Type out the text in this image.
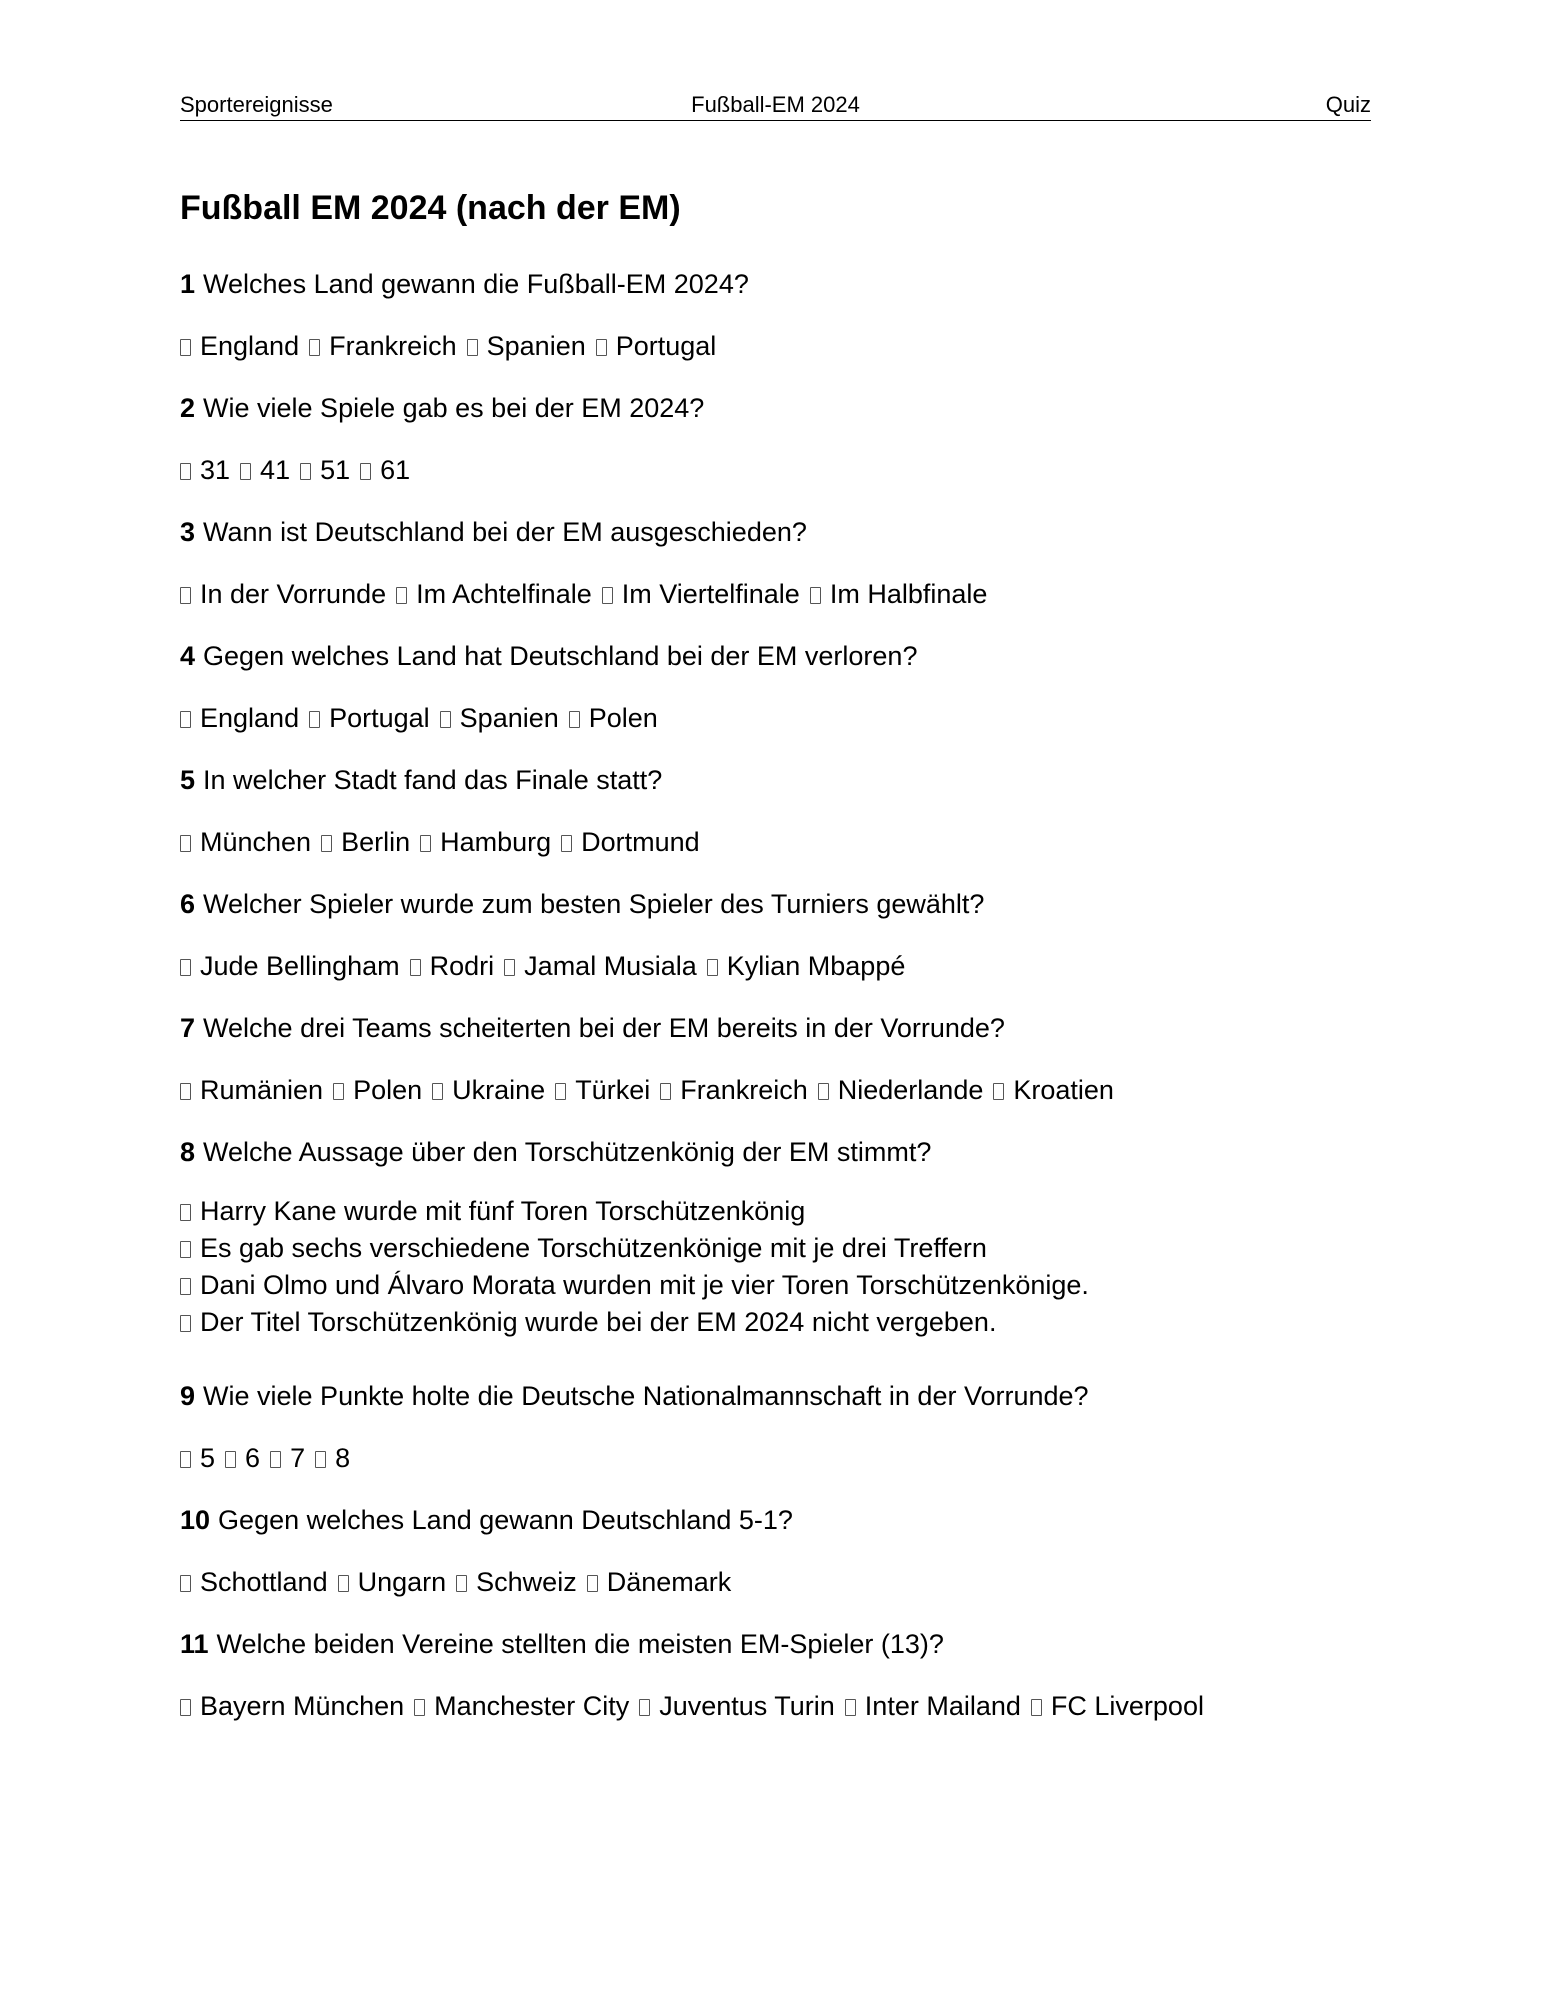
Sportereignisse	Fußball-EM 2024	Quiz
Fußball EM 2024 (nach der EM)
1 Welches Land gewann die Fußball-EM 2024?
England Frankreich Spanien Portugal
2 Wie viele Spiele gab es bei der EM 2024?
31 41 51 61
3 Wann ist Deutschland bei der EM ausgeschieden?
In der Vorrunde Im Achtelfinale Im Viertelfinale Im Halbfinale
4 Gegen welches Land hat Deutschland bei der EM verloren?
England Portugal Spanien Polen
5 In welcher Stadt fand das Finale statt?
München Berlin Hamburg Dortmund
6 Welcher Spieler wurde zum besten Spieler des Turniers gewählt?
Jude Bellingham Rodri Jamal Musiala Kylian Mbappé
7 Welche drei Teams scheiterten bei der EM bereits in der Vorrunde?
Rumänien Polen Ukraine Türkei Frankreich Niederlande Kroatien
8 Welche Aussage über den Torschützenkönig der EM stimmt?
Harry Kane wurde mit fünf Toren Torschützenkönig
Es gab sechs verschiedene Torschützenkönige mit je drei Treffern
Dani Olmo und Álvaro Morata wurden mit je vier Toren Torschützenkönige.
Der Titel Torschützenkönig wurde bei der EM 2024 nicht vergeben.
9 Wie viele Punkte holte die Deutsche Nationalmannschaft in der Vorrunde?
5 6 7 8
10 Gegen welches Land gewann Deutschland 5-1?
Schottland Ungarn Schweiz Dänemark
11 Welche beiden Vereine stellten die meisten EM-Spieler (13)?
Bayern München Manchester City Juventus Turin Inter Mailand FC Liverpool
